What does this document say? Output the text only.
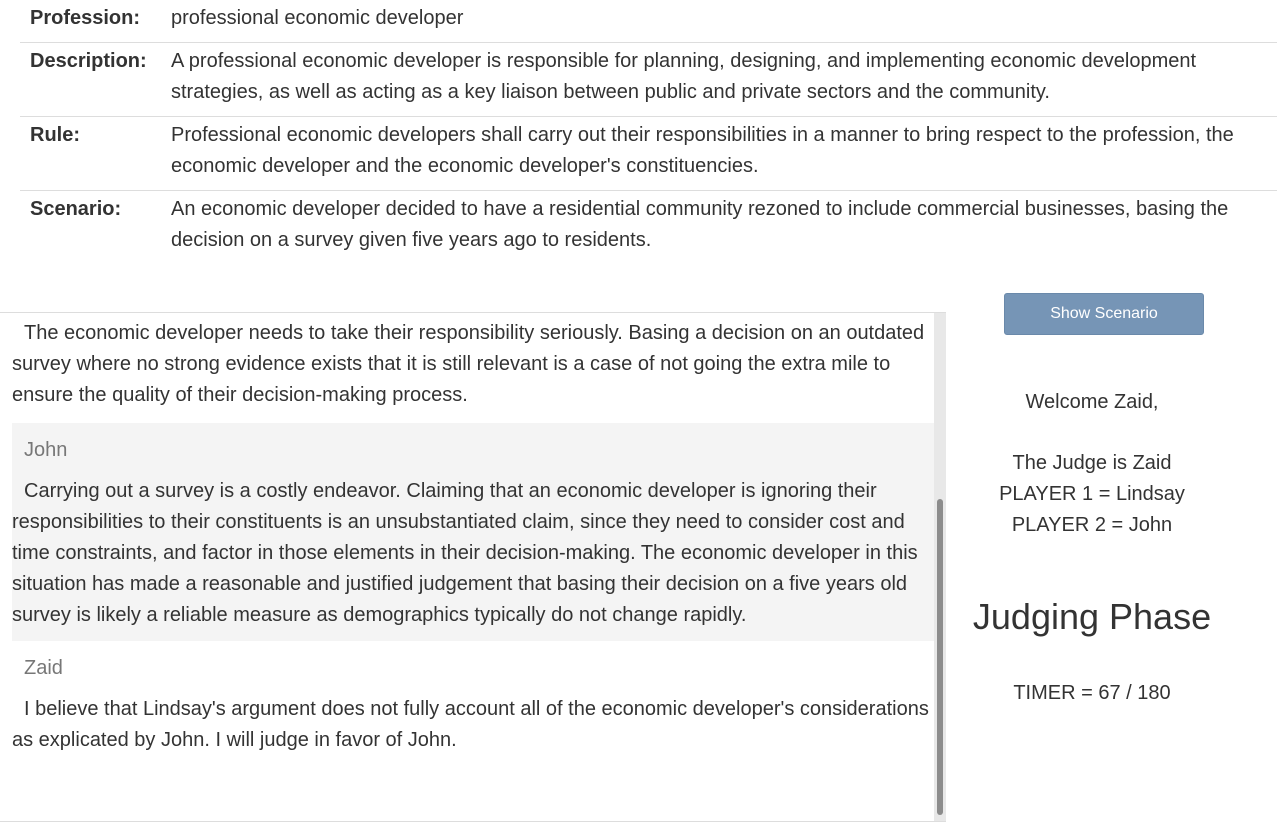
Profession:	professional economic developer
Description:	A professional economic developer is responsible for planning, designing, and implementing economic development strategies, as well as acting as a key liaison between public and private sectors and the community.
Rule:	Professional economic developers shall carry out their responsibilities in a manner to bring respect to the profession, the economic developer and the economic developer's constituencies.
Scenario:	An economic developer decided to have a residential community rezoned to include commercial businesses, basing the decision on a survey given five years ago to residents.
The economic developer needs to take their responsibility seriously. Basing a decision on an outdated survey where no strong evidence exists that it is still relevant is a case of not going the extra mile to ensure the quality of their decision-making process.
John
Carrying out a survey is a costly endeavor. Claiming that an economic developer is ignoring their responsibilities to their constituents is an unsubstantiated claim, since they need to consider cost and time constraints, and factor in those elements in their decision-making. The economic developer in this situation has made a reasonable and justified judgement that basing their decision on a five years old survey is likely a reliable measure as demographics typically do not change rapidly.
Zaid
I believe that Lindsay's argument does not fully account all of the economic developer's considerations as explicated by John. I will judge in favor of John.
Show Scenario
Welcome Zaid,
The Judge is Zaid
PLAYER 1 = Lindsay
PLAYER 2 = John
Judging Phase
TIMER = 67 / 180
